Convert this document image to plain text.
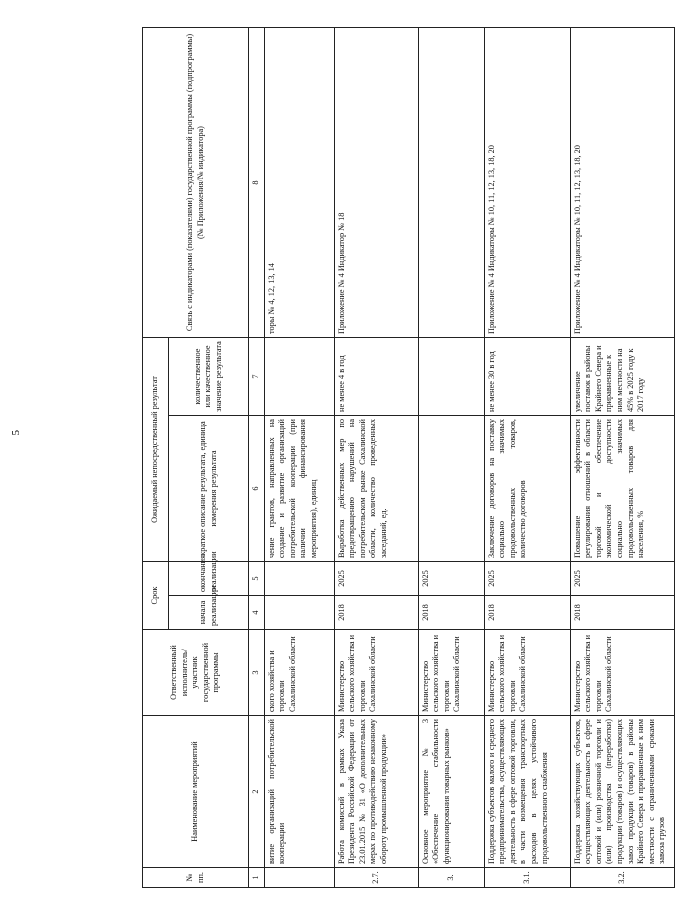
5
№ пп.	Наименование мероприятий	Ответственный исполнитель/участник государственной программы	Срок		Ожидаемый непосредственный результат		Связь с индикаторами (показателями) государственной программы (подпрограммы) (№ Приложения/№ индикатора)
			начала реализации	окончания реализации	краткое описание результата, единица измерения результата	количественное или качественное значение результата	
1	2	3	4	5	6	7	8
	витие организаций потребительской кооперации	ского хозяйства и торговли Сахалинской области			чение грантов, направленных на создание и развитие организаций потребительской кооперации (при наличии финансирования мероприятия), единиц		торы № 4, 12, 13, 14
2.7.	Работа комиссий в рамках Указа Президента Российской Федерации от 23.01.2015 № 31 «О дополнительных мерах по противодействию незаконному обороту промышленной продукции»	Министерство сельского хозяйства и торговли Сахалинской области	2018	2025	Выработка действенных мер по предотвращению нарушений на потребительском рынке Сахалинской области, количество проведенных заседаний, ед.	не менее 4 в год	Приложение № 4 Индикатор № 18
3.	Основное мероприятие № 3 «Обеспечение стабильности функционирования товарных рынков»	Министерство сельского хозяйства и торговли Сахалинской области	2018	2025			
3.1.	Поддержка субъектов малого и среднего предпринимательства, осуществляющих деятельность в сфере оптовой торговли, в части возмещения транспортных расходов в целях устойчивого продовольственного снабжения	Министерство сельского хозяйства и торговли Сахалинской области	2018	2025	Заключение договоров на поставку социально значимых продовольственных товаров, количество договоров	не менее 30 в год	Приложение № 4 Индикаторы № 10, 11, 12, 13, 18, 20
3.2.	Поддержка хозяйствующих субъектов, осуществляющих деятельность в сфере оптовой и (или) розничной торговли и (или) производства (переработки) продукции (товаров) и осуществляющих завоз продукции (товаров) в районы Крайнего Севера и приравненные к ним местности с ограниченными сроками завоза грузов	Министерство сельского хозяйства и торговли Сахалинской области	2018	2025	Повышение эффективности регулирования отношений в области торговой и обеспечение экономической доступности социально значимых продовольственных товаров для населения, %	увеличение поставок в районы Крайнего Севера и приравненные к ним местности на 45% в 2025 году к 2017 году	Приложение № 4 Индикаторы № 10, 11, 12, 13, 18, 20
